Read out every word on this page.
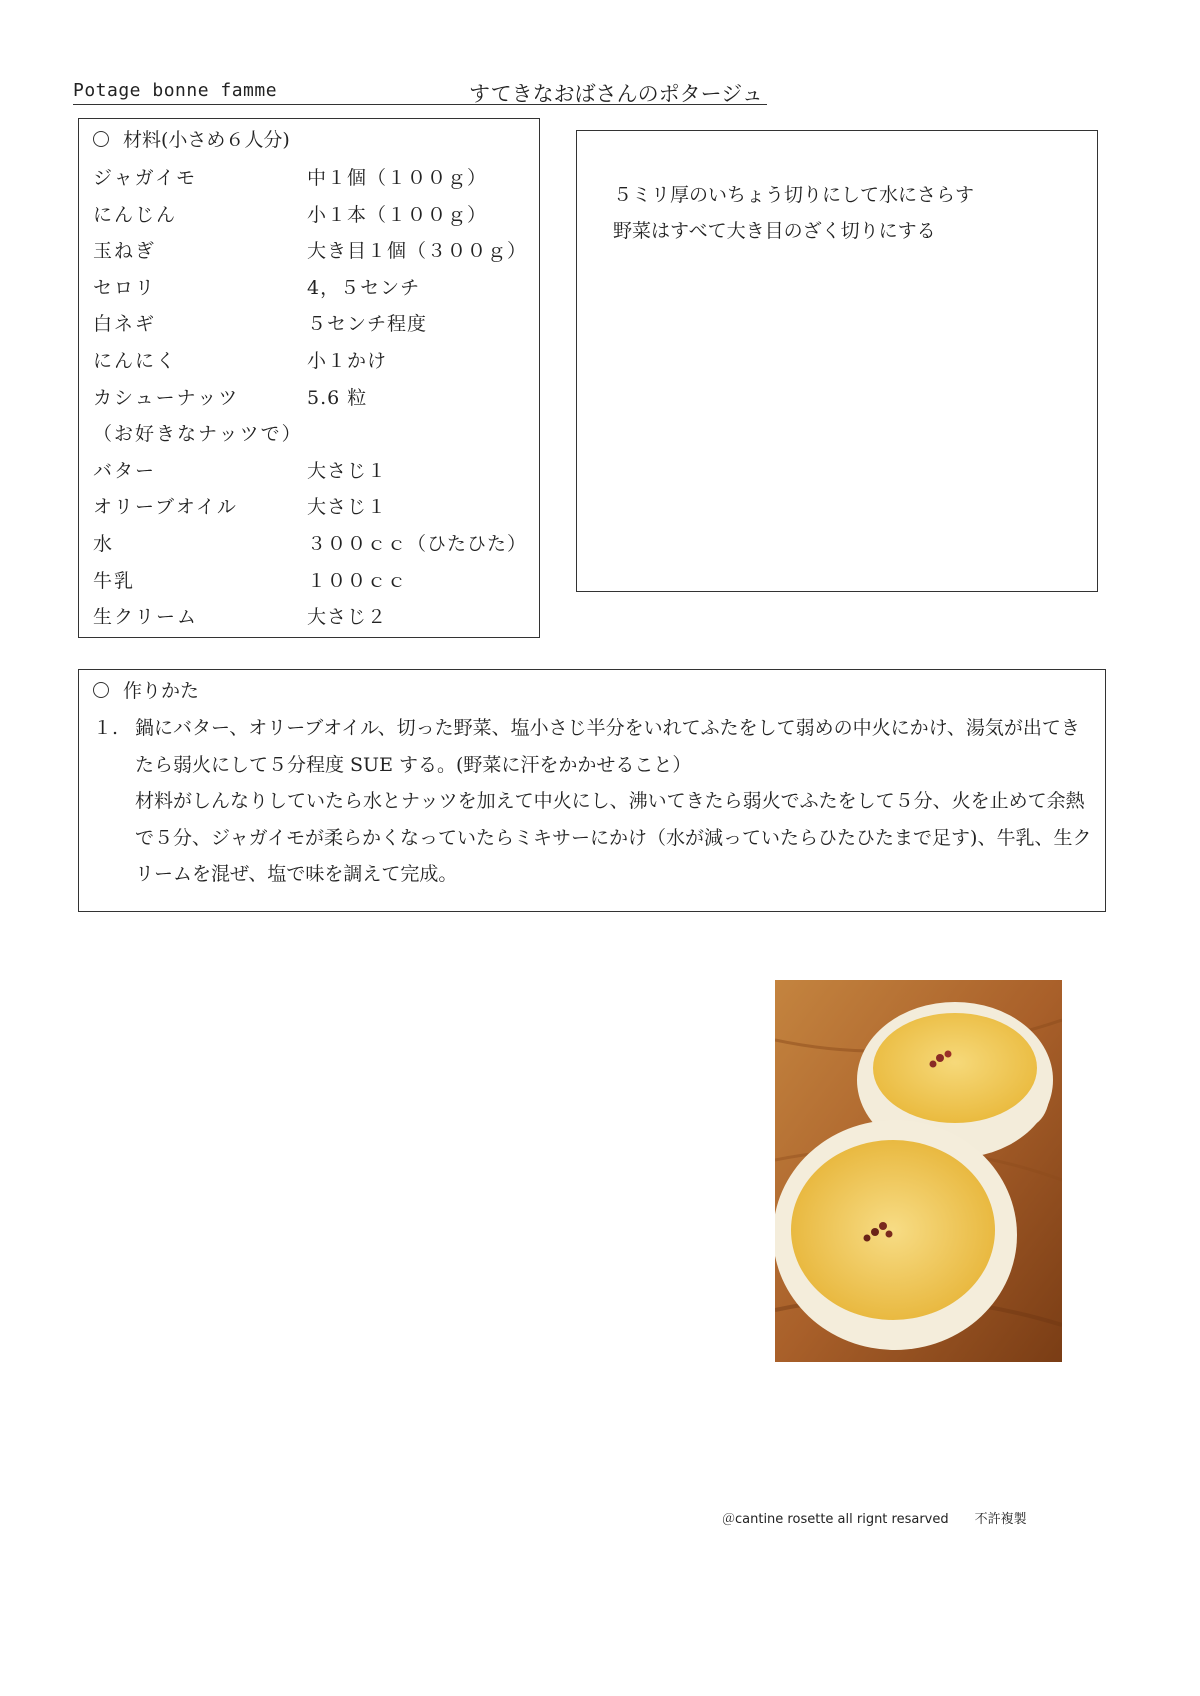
Potage bonne famme	すてきなおばさんのポタージュ
材料(小さめ６人分)
ジャガイモ	中１個（１００ｇ）
にんじん	小１本（１００ｇ）
玉ねぎ	大き目１個（３００ｇ）
セロリ	4，５センチ
白ネギ	５センチ程度
にんにく	小１かけ
カシューナッツ	5.6 粒
（お好きなナッツで）
バター	大さじ１
オリーブオイル	大さじ１
水	３００ｃｃ（ひたひた）
牛乳	１００ｃｃ
生クリーム	大さじ２
５ミリ厚のいちょう切りにして水にさらす
野菜はすべて大き目のざく切りにする
作りかた
１. 鍋にバター、オリーブオイル、切った野菜、塩小さじ半分をいれてふたをして弱めの中火にかけ、湯気が出てきたら弱火にして５分程度 SUE する。(野菜に汗をかかせること）
材料がしんなりしていたら水とナッツを加えて中火にし、沸いてきたら弱火でふたをして５分、火を止めて余熱で５分、ジャガイモが柔らかくなっていたらミキサーにかけ（水が減っていたらひたひたまで足す)、牛乳、生クリームを混ぜ、塩で味を調えて完成。
＠cantine rosette all rignt resarved 不許複製
